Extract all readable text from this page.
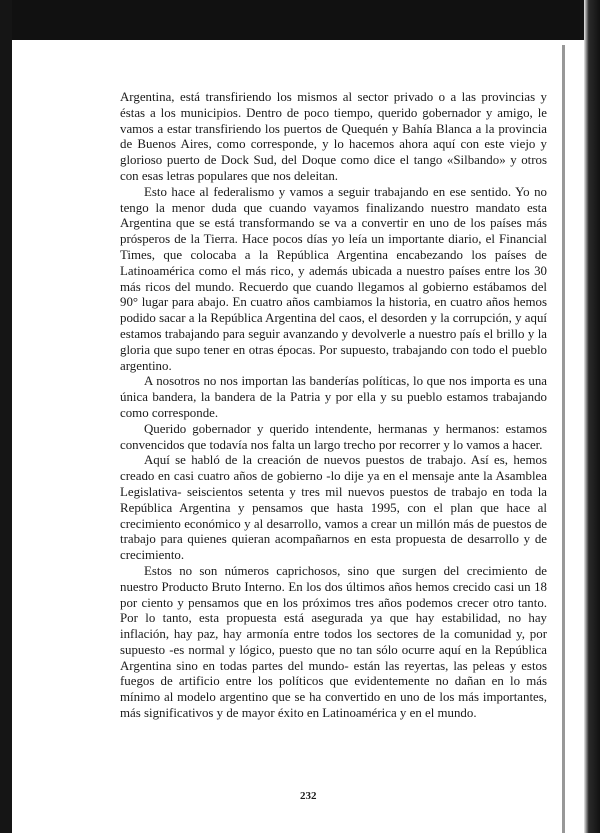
Argentina, está transfiriendo los mismos al sector privado o a las provincias y éstas a los municipios. Dentro de poco tiempo, querido gobernador y amigo, le vamos a estar transfiriendo los puertos de Quequén y Bahía Blanca a la provincia de Buenos Aires, como corresponde, y lo hacemos ahora aquí con este viejo y glorioso puerto de Dock Sud, del Doque como dice el tango «Silbando» y otros con esas letras populares que nos deleitan.

Esto hace al federalismo y vamos a seguir trabajando en ese sentido. Yo no tengo la menor duda que cuando vayamos finalizando nuestro mandato esta Argentina que se está transformando se va a convertir en uno de los países más prósperos de la Tierra. Hace pocos días yo leía un importante diario, el Financial Times, que colocaba a la República Argentina encabezando los países de Latinoamérica como el más rico, y además ubicada a nuestro países entre los 30 más ricos del mundo. Recuerdo que cuando llegamos al gobierno estábamos del 90° lugar para abajo. En cuatro años cambiamos la historia, en cuatro años hemos podido sacar a la República Argentina del caos, el desorden y la corrupción, y aquí estamos trabajando para seguir avanzando y devolverle a nuestro país el brillo y la gloria que supo tener en otras épocas. Por supuesto, trabajando con todo el pueblo argentino.

A nosotros no nos importan las banderías políticas, lo que nos importa es una única bandera, la bandera de la Patria y por ella y su pueblo estamos trabajando como corresponde.

Querido gobernador y querido intendente, hermanas y hermanos: estamos convencidos que todavía nos falta un largo trecho por recorrer y lo vamos a hacer.

Aquí se habló de la creación de nuevos puestos de trabajo. Así es, hemos creado en casi cuatro años de gobierno -lo dije ya en el mensaje ante la Asamblea Legislativa- seiscientos setenta y tres mil nuevos puestos de trabajo en toda la República Argentina y pensamos que hasta 1995, con el plan que hace al crecimiento económico y al desarrollo, vamos a crear un millón más de puestos de trabajo para quienes quieran acompañarnos en esta propuesta de desarrollo y de crecimiento.

Estos no son números caprichosos, sino que surgen del crecimiento de nuestro Producto Bruto Interno. En los dos últimos años hemos crecido casi un 18 por ciento y pensamos que en los próximos tres años podemos crecer otro tanto. Por lo tanto, esta propuesta está asegurada ya que hay estabilidad, no hay inflación, hay paz, hay armonía entre todos los sectores de la comunidad y, por supuesto -es normal y lógico, puesto que no tan sólo ocurre aquí en la República Argentina sino en todas partes del mundo- están las reyertas, las peleas y estos fuegos de artificio entre los políticos que evidentemente no dañan en lo más mínimo al modelo argentino que se ha convertido en uno de los más importantes, más significativos y de mayor éxito en Latinoamérica y en el mundo.

232
